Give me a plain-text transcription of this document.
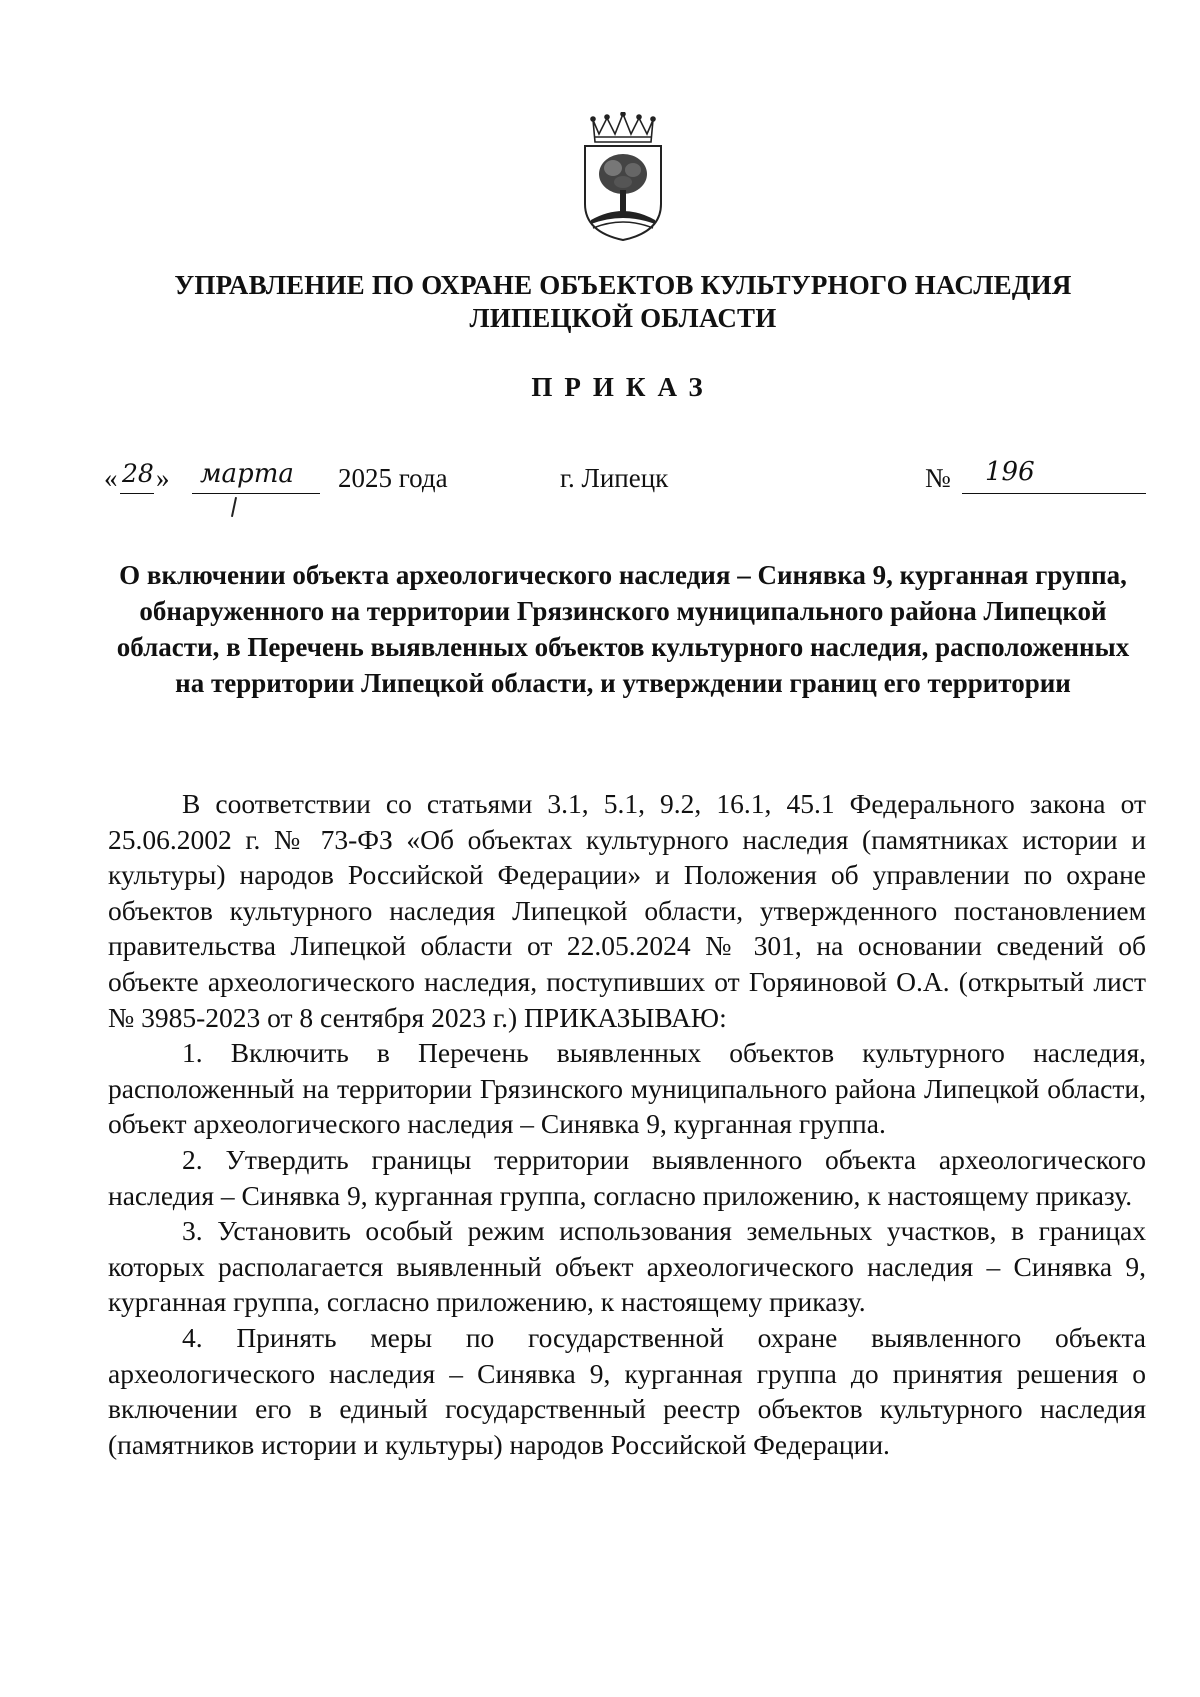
УПРАВЛЕНИЕ ПО ОХРАНЕ ОБЪЕКТОВ КУЛЬТУРНОГО НАСЛЕДИЯ
ЛИПЕЦКОЙ ОБЛАСТИ
ПРИКАЗ
« 28 » марта 2025 года	г. Липецк	№ 196
О включении объекта археологического наследия – Синявка 9, курганная группа, обнаруженного на территории Грязинского муниципального района Липецкой области, в Перечень выявленных объектов культурного наследия, расположенных на территории Липецкой области, и утверждении границ его территории

В соответствии со статьями 3.1, 5.1, 9.2, 16.1, 45.1 Федерального закона от 25.06.2002 г. № 73-ФЗ «Об объектах культурного наследия (памятниках истории и культуры) народов Российской Федерации» и Положения об управлении по охране объектов культурного наследия Липецкой области, утвержденного постановлением правительства Липецкой области от 22.05.2024 № 301, на основании сведений об объекте археологического наследия, поступивших от Горяиновой О.А. (открытый лист № 3985-2023 от 8 сентября 2023 г.) ПРИКАЗЫВАЮ:

1. Включить в Перечень выявленных объектов культурного наследия, расположенный на территории Грязинского муниципального района Липецкой области, объект археологического наследия – Синявка 9, курганная группа.

2. Утвердить границы территории выявленного объекта археологического наследия – Синявка 9, курганная группа, согласно приложению, к настоящему приказу.

3. Установить особый режим использования земельных участков, в границах которых располагается выявленный объект археологического наследия – Синявка 9, курганная группа, согласно приложению, к настоящему приказу.

4. Принять меры по государственной охране выявленного объекта археологического наследия – Синявка 9, курганная группа до принятия решения о включении его в единый государственный реестр объектов культурного наследия (памятников истории и культуры) народов Российской Федерации.
